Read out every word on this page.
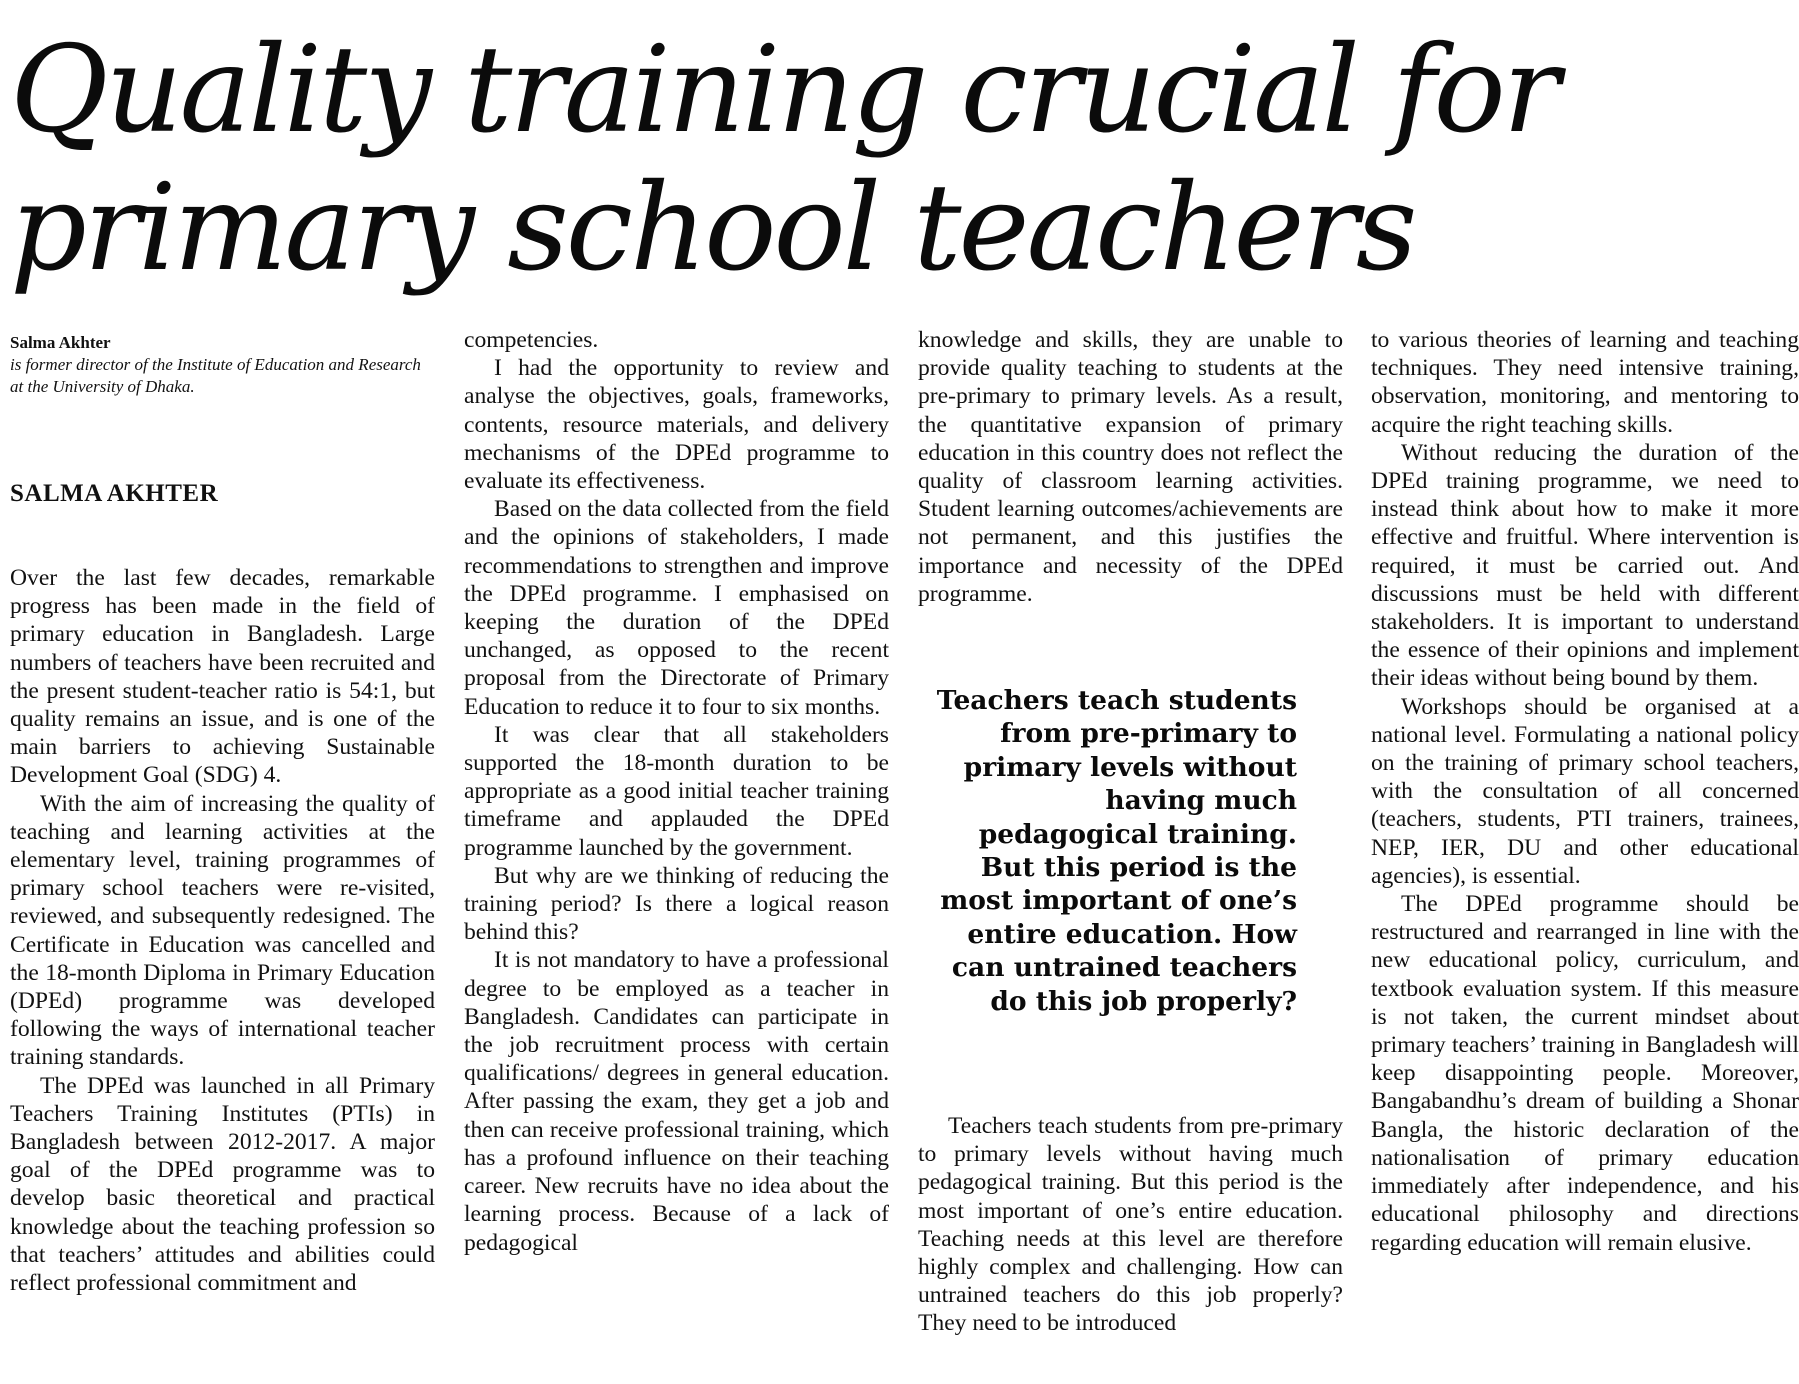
Quality training crucial for
primary school teachers
Salma Akhter
is former director of the Institute of Education and Research at the University of Dhaka.
SALMA AKHTER

Over the last few decades, remarkable progress has been made in the field of primary education in Bangladesh. Large numbers of teachers have been recruited and the present student-teacher ratio is 54:1, but quality remains an issue, and is one of the main barriers to achieving Sustainable Development Goal (SDG) 4.

With the aim of increasing the quality of teaching and learning activities at the elementary level, training programmes of primary school teachers were re-visited, reviewed, and subsequently redesigned. The Certificate in Education was cancelled and the 18-month Diploma in Primary Education (DPEd) programme was developed following the ways of international teacher training standards.

The DPEd was launched in all Primary Teachers Training Institutes (PTIs) in Bangladesh between 2012-2017. A major goal of the DPEd programme was to develop basic theoretical and practical knowledge about the teaching profession so that teachers’ attitudes and abilities could reflect professional commitment and

competencies.

I had the opportunity to review and analyse the objectives, goals, frameworks, contents, resource materials, and delivery mechanisms of the DPEd programme to evaluate its effectiveness.

Based on the data collected from the field and the opinions of stakeholders, I made recommendations to strengthen and improve the DPEd programme. I emphasised on keeping the duration of the DPEd unchanged, as opposed to the recent proposal from the Directorate of Primary Education to reduce it to four to six months.

It was clear that all stakeholders supported the 18-month duration to be appropriate as a good initial teacher training timeframe and applauded the DPEd programme launched by the government.

But why are we thinking of reducing the training period? Is there a logical reason behind this?

It is not mandatory to have a professional degree to be employed as a teacher in Bangladesh. Candidates can participate in the job recruitment process with certain qualifications/ degrees in general education. After passing the exam, they get a job and then can receive professional training, which has a profound influence on their teaching career. New recruits have no idea about the learning process. Because of a lack of pedagogical

knowledge and skills, they are unable to provide quality teaching to students at the pre-primary to primary levels. As a result, the quantitative expansion of primary education in this country does not reflect the quality of classroom learning activities. Student learning outcomes/achievements are not permanent, and this justifies the importance and necessity of the DPEd programme.

Teachers teach students from pre-primary to primary levels without having much pedagogical training. But this period is the most important of one’s entire education. How can untrained teachers do this job properly?

Teachers teach students from pre-primary to primary levels without having much pedagogical training. But this period is the most important of one’s entire education. Teaching needs at this level are therefore highly complex and challenging. How can untrained teachers do this job properly? They need to be introduced

to various theories of learning and teaching techniques. They need intensive training, observation, monitoring, and mentoring to acquire the right teaching skills.

Without reducing the duration of the DPEd training programme, we need to instead think about how to make it more effective and fruitful. Where intervention is required, it must be carried out. And discussions must be held with different stakeholders. It is important to understand the essence of their opinions and implement their ideas without being bound by them.

Workshops should be organised at a national level. Formulating a national policy on the training of primary school teachers, with the consultation of all concerned (teachers, students, PTI trainers, trainees, NEP, IER, DU and other educational agencies), is essential.

The DPEd programme should be restructured and rearranged in line with the new educational policy, curriculum, and textbook evaluation system. If this measure is not taken, the current mindset about primary teachers’ training in Bangladesh will keep disappointing people. Moreover, Bangabandhu’s dream of building a Shonar Bangla, the historic declaration of the nationalisation of primary education immediately after independence, and his educational philosophy and directions regarding education will remain elusive.
